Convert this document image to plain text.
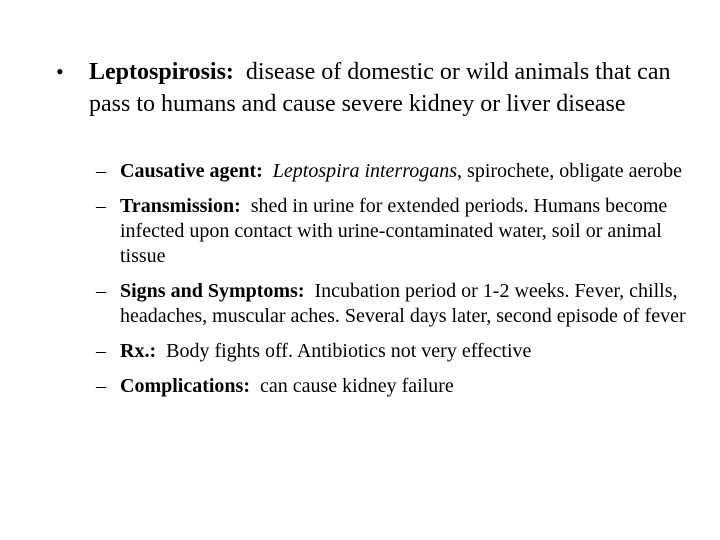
• Leptospirosis: disease of domestic or wild animals that can pass to humans and cause severe kidney or liver disease
– Causative agent: Leptospira interrogans, spirochete, obligate aerobe
– Transmission: shed in urine for extended periods. Humans become infected upon contact with urine-contaminated water, soil or animal tissue
– Signs and Symptoms: Incubation period or 1-2 weeks. Fever, chills, headaches, muscular aches. Several days later, second episode of fever
– Rx.: Body fights off. Antibiotics not very effective
– Complications: can cause kidney failure
